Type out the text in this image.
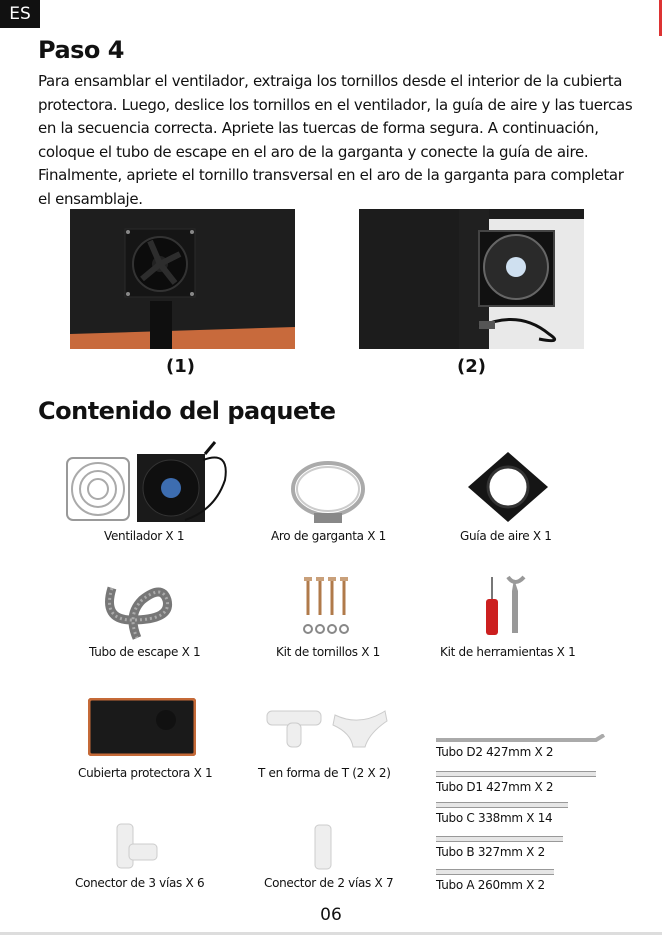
ES
Paso 4

Para ensamblar el ventilador, extraiga los tornillos desde el interior de la cubierta protectora. Luego, deslice los tornillos en el ventilador, la guía de aire y las tuercas en la secuencia correcta. Apriete las tuercas de forma segura. A continuación, coloque el tubo de escape en el aro de la garganta y conecte la guía de aire. Finalmente, apriete el tornillo transversal en el aro de la garganta para completar el ensamblaje.

(1)	(2)
Contenido del paquete
Ventilador X 1	Aro de garganta X 1	Guía de aire X 1
Tubo de escape X 1	Kit de tornillos X 1	Kit de herramientas X 1
Cubierta protectora X 1	T en forma de T (2 X 2)
Conector de 3 vías X 6	Conector de 2 vías X 7
Tubo D2 427mm X 2
Tubo D1 427mm X 2
Tubo C 338mm X 14
Tubo B 327mm X 2
Tubo A 260mm X 2
06
